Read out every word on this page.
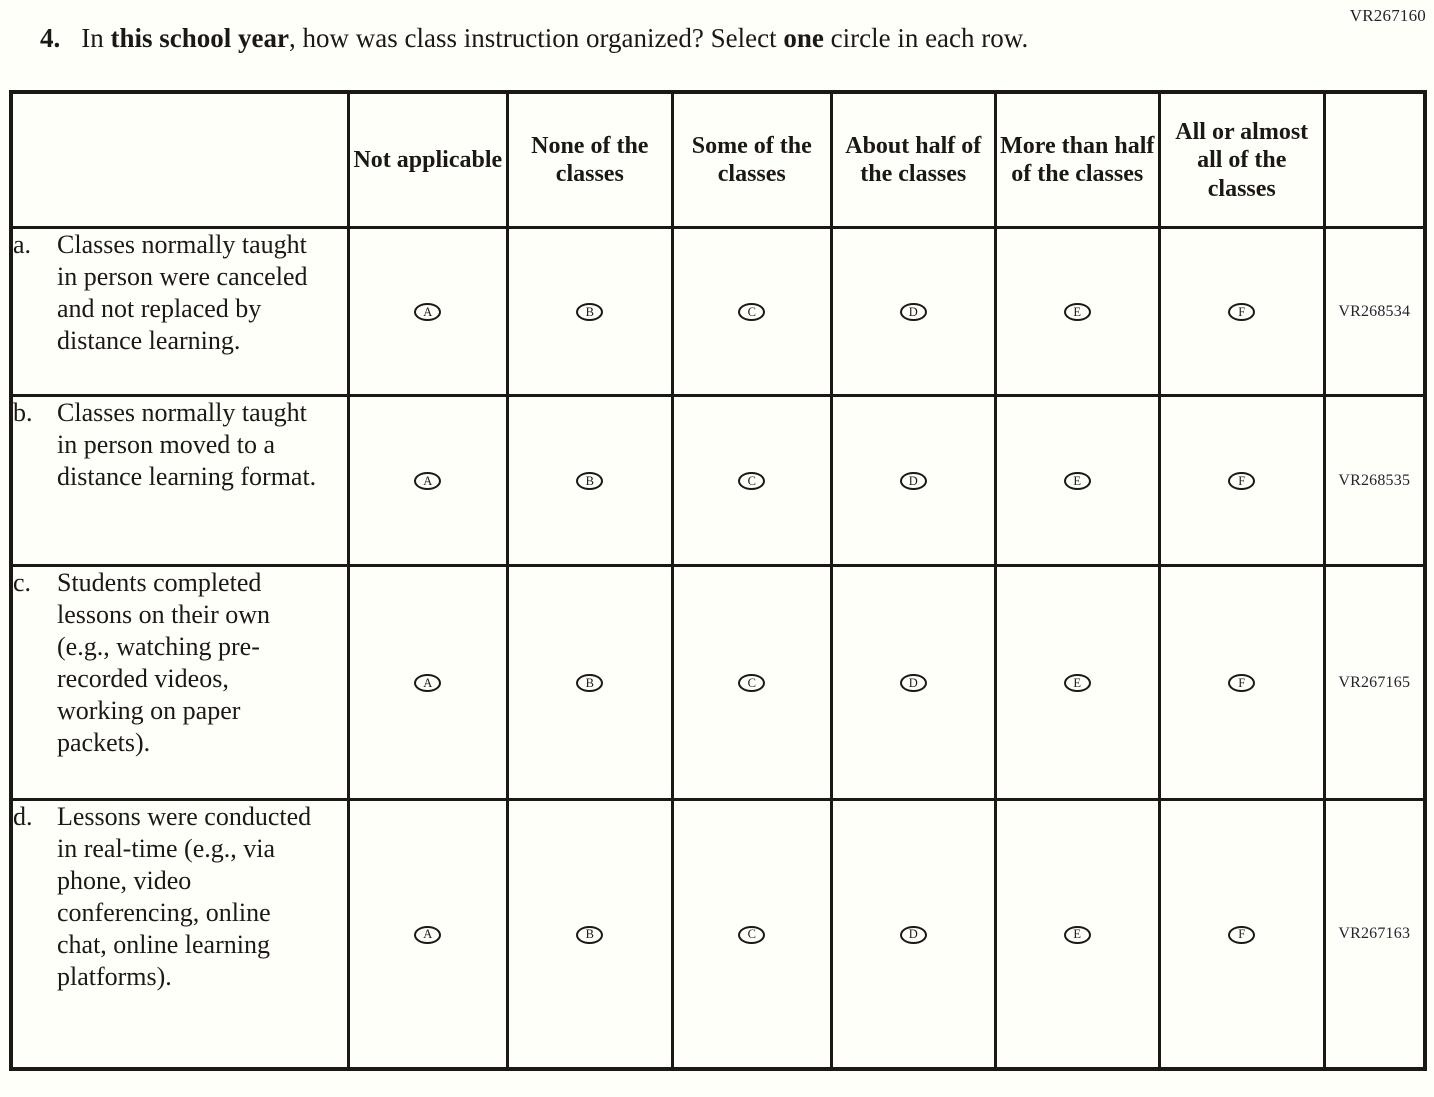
VR267160
4. In this school year, how was class instruction organized? Select one circle in each row.
	Not applicable	None of the classes	Some of the classes	About half of the classes	More than half of the classes	All or almost all of the classes	

a. Classes normally taught in person were canceled and not replaced by distance learning.	A	B	C	D	E	F	VR268534

b. Classes normally taught in person moved to a distance learning format.	A	B	C	D	E	F	VR268535

c. Students completed lessons on their own (e.g., watching pre-recorded videos, working on paper packets).	A	B	C	D	E	F	VR267165

d. Lessons were conducted in real-time (e.g., via phone, video conferencing, online chat, online learning platforms).	A	B	C	D	E	F	VR267163
